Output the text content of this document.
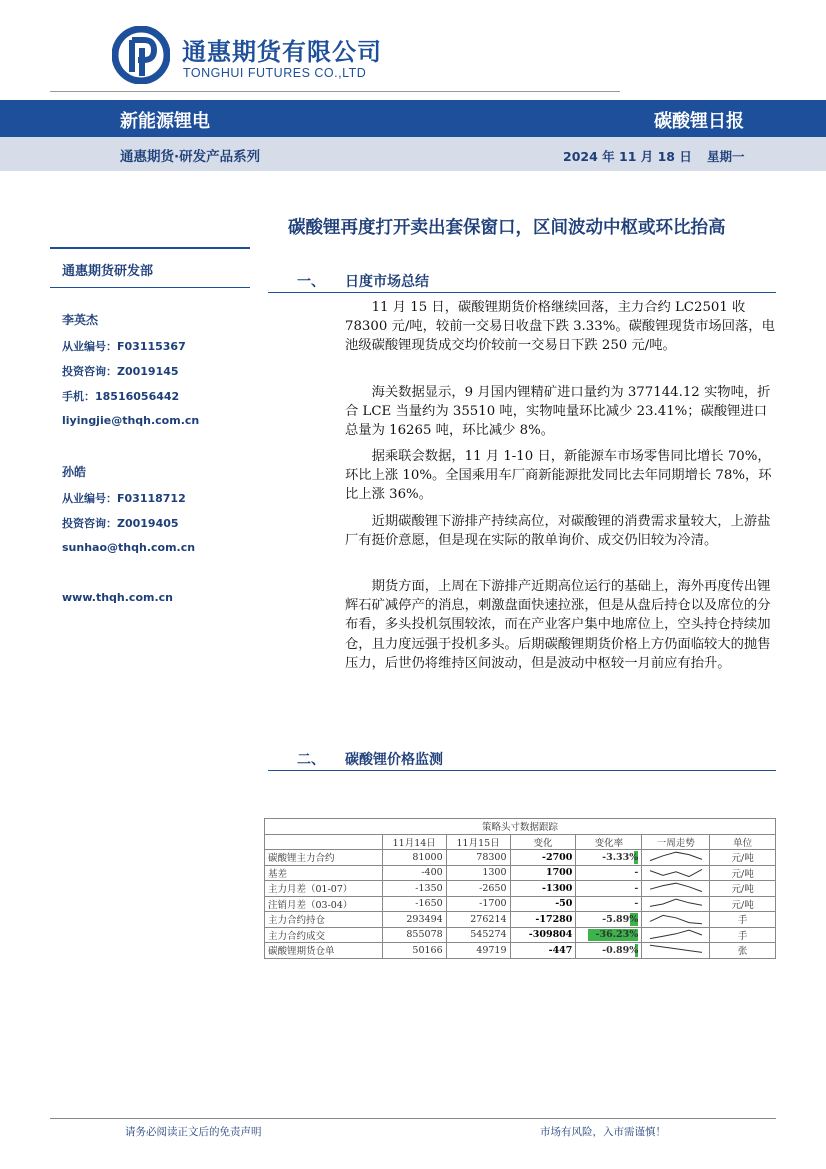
通惠期货有限公司
TONGHUI FUTURES CO.,LTD
新能源锂电	碳酸锂日报
通惠期货·研发产品系列	2024 年 11 月 18 日 星期一
碳酸锂再度打开卖出套保窗口，区间波动中枢或环比抬高
通惠期货研发部
李英杰
从业编号：F03115367
投资咨询：Z0019145
手机：18516056442
liyingjie@thqh.com.cn
孙皓
从业编号：F03118712
投资咨询：Z0019405
sunhao@thqh.com.cn
www.thqh.com.cn
一、 日度市场总结
11 月 15 日，碳酸锂期货价格继续回落，主力合约 LC2501 收 78300 元/吨，较前一交易日收盘下跌 3.33%。碳酸锂现货市场回落，电池级碳酸锂现货成交均价较前一交易日下跌 250 元/吨。
海关数据显示，9 月国内锂精矿进口量约为 377144.12 实物吨，折合 LCE 当量约为 35510 吨，实物吨量环比减少 23.41%；碳酸锂进口总量为 16265 吨，环比减少 8%。
据乘联会数据，11 月 1-10 日，新能源车市场零售同比增长 70%，环比上涨 10%。全国乘用车厂商新能源批发同比去年同期增长 78%，环比上涨 36%。
近期碳酸锂下游排产持续高位，对碳酸锂的消费需求量较大，上游盐厂有挺价意愿，但是现在实际的散单询价、成交仍旧较为冷清。
期货方面，上周在下游排产近期高位运行的基础上，海外再度传出锂辉石矿减停产的消息，刺激盘面快速拉涨，但是从盘后持仓以及席位的分布看，多头投机氛围较浓，而在产业客户集中地席位上，空头持仓持续加仓，且力度远强于投机多头。后期碳酸锂期货价格上方仍面临较大的抛售压力，后世仍将维持区间波动，但是波动中枢较一月前应有抬升。
二、 碳酸锂价格监测
策略头寸数据跟踪						
	11月14日	11月15日	变化	变化率	一周走势	单位
碳酸锂主力合约	81000	78300	-2700	-3.33%		元/吨
基差	-400	1300	1700	-		元/吨
主力月差（01-07）	-1350	-2650	-1300	-		元/吨
注销月差（03-04）	-1650	-1700	-50	-		元/吨
主力合约持仓	293494	276214	-17280	-5.89%		手
主力合约成交	855078	545274	-309804	-36.23%		手
碳酸锂期货仓单	50166	49719	-447	-0.89%		张
请务必阅读正文后的免责声明	市场有风险，入市需谨慎！
